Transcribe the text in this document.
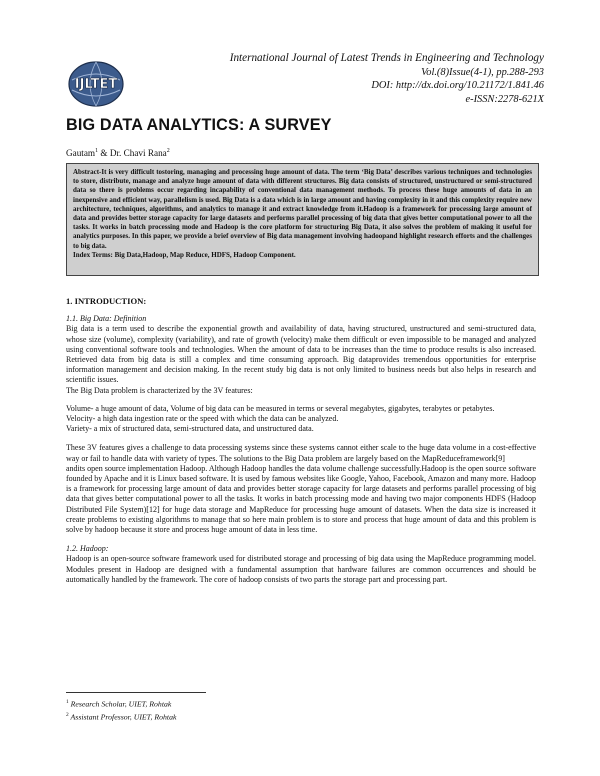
IJLTET
International Journal of Latest Trends in Engineering and Technology
Vol.(8)Issue(4-1), pp.288-293
DOI: http://dx.doi.org/10.21172/1.841.46
e-ISSN:2278-621X
BIG DATA ANALYTICS: A SURVEY
Gautam$^1$ & Dr. Chavi Rana$^2$

Abstract-It is very difficult tostoring, managing and processing huge amount of data. The term ‘Big Data’ describes various techniques and technologies to store, distribute, manage and analyze huge amount of data with different structures. Big data consists of structured, unstructured or semi-structured data so there is problems occur regarding incapability of conventional data management methods. To process these huge amounts of data in an inexpensive and efficient way, parallelism is used. Big Data is a data which is in large amount and having complexity in it and this complexity require new architecture, techniques, algorithms, and analytics to manage it and extract knowledge from it.Hadoop is a framework for processing large amount of data and provides better storage capacity for large datasets and performs parallel processing of big data that gives better computational power to all the tasks. It works in batch processing mode and Hadoop is the core platform for structuring Big Data, it also solves the problem of making it useful for analytics purposes. In this paper, we provide a brief overview of Big data management involving hadoopand highlight research efforts and the challenges to big data.

Index Terms: Big Data,Hadoop, Map Reduce, HDFS, Hadoop Component.

1. INTRODUCTION:

1.1. Big Data: Definition

Big data is a term used to describe the exponential growth and availability of data, having structured, unstructured and semi-structured data, whose size (volume), complexity (variability), and rate of growth (velocity) make them difficult or even impossible to be managed and analyzed using conventional software tools and technologies. When the amount of data to be increases than the time to produce results is also increased. Retrieved data from big data is still a complex and time consuming approach. Big dataprovides tremendous opportunities for enterprise information management and decision making. In the recent study big data is not only limited to business needs but also helps in research and scientific issues.

The Big Data problem is characterized by the 3V features:

Volume- a huge amount of data, Volume of big data can be measured in terms or several megabytes, gigabytes, terabytes or petabytes.

Velocity- a high data ingestion rate or the speed with which the data can be analyzed.

Variety- a mix of structured data, semi-structured data, and unstructured data.

These 3V features gives a challenge to data processing systems since these systems cannot either scale to the huge data volume in a cost-effective way or fail to handle data with variety of types. The solutions to the Big Data problem are largely based on the MapReduceframework[9]

andits open source implementation Hadoop. Although Hadoop handles the data volume challenge successfully.Hadoop is the open source software founded by Apache and it is Linux based software. It is used by famous websites like Google, Yahoo, Facebook, Amazon and many more. Hadoop is a framework for processing large amount of data and provides better storage capacity for large datasets and performs parallel processing of big data that gives better computational power to all the tasks. It works in batch processing mode and having two major components HDFS (Hadoop Distributed File System)[12] for huge data storage and MapReduce for processing huge amount of datasets. When the data size is increased it create problems to existing algorithms to manage that so here main problem is to store and process that huge amount of data and this problem is solve by hadoop because it store and process huge amount of data in less time.

1.2. Hadoop:

Hadoop is an open-source software framework used for distributed storage and processing of big data using the MapReduce programming model. Modules present in Hadoop are designed with a fundamental assumption that hardware failures are common occurrences and should be automatically handled by the framework. The core of hadoop consists of two parts the storage part and processing part.

$^1$ Research Scholar, UIET, Rohtak
$^2$ Assistant Professor, UIET, Rohtak
